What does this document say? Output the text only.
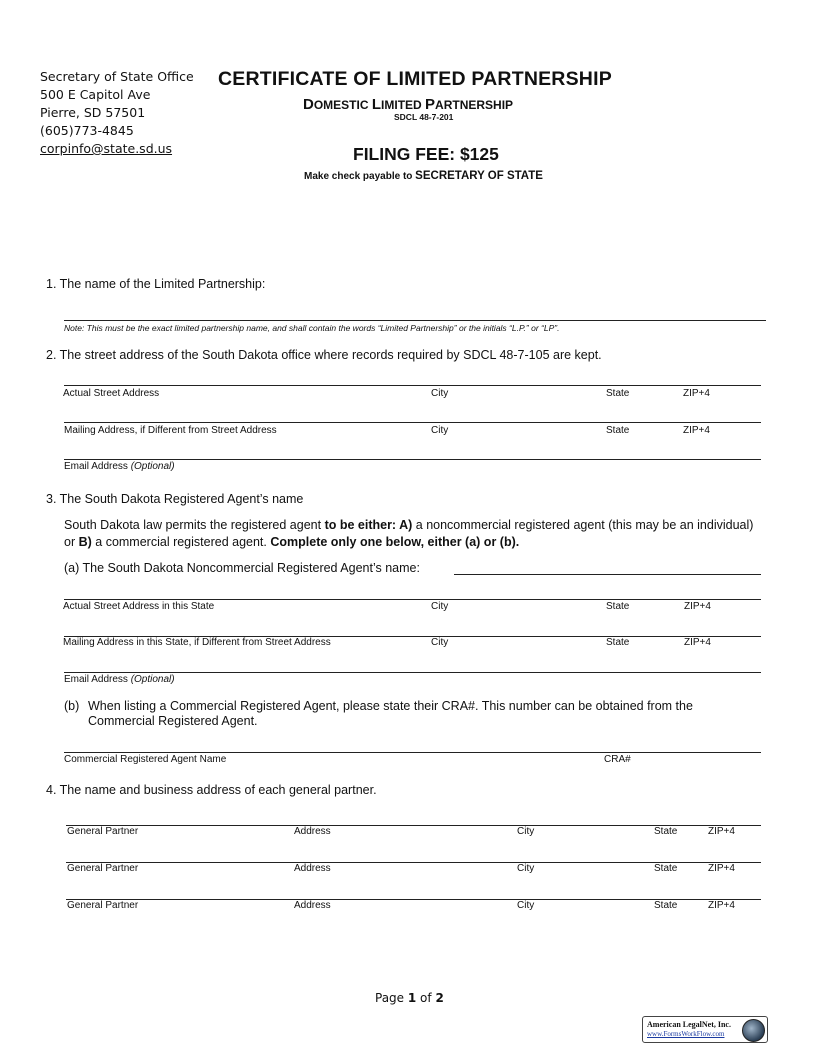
Secretary of State Office
500 E Capitol Ave
Pierre, SD 57501
(605)773-4845
corpinfo@state.sd.us
CERTIFICATE OF LIMITED PARTNERSHIP
DOMESTIC LIMITED PARTNERSHIP
SDCL 48-7-201
FILING FEE: $125
Make check payable to SECRETARY OF STATE
1. The name of the Limited Partnership:
Note: This must be the exact limited partnership name, and shall contain the words “Limited Partnership” or the initials “L.P.” or “LP”.
2. The street address of the South Dakota office where records required by SDCL 48-7-105 are kept.
Actual Street Address	City	State	ZIP+4
Mailing Address, if Different from Street Address	City	State	ZIP+4
Email Address (Optional)
3. The South Dakota Registered Agent’s name
South Dakota law permits the registered agent to be either: A) a noncommercial registered agent (this may be an individual) or B) a commercial registered agent. Complete only one below, either (a) or (b).
(a) The South Dakota Noncommercial Registered Agent’s name:
Actual Street Address in this State	City	State	ZIP+4
Mailing Address in this State, if Different from Street Address	City	State	ZIP+4
Email Address (Optional)
(b) When listing a Commercial Registered Agent, please state their CRA#. This number can be obtained from the Commercial Registered Agent.
Commercial Registered Agent Name	CRA#
4. The name and business address of each general partner.
General Partner	Address	City	State	ZIP+4
General Partner	Address	City	State	ZIP+4
General Partner	Address	City	State	ZIP+4
Page 1 of 2
American LegalNet, Inc.
www.FormsWorkFlow.com
